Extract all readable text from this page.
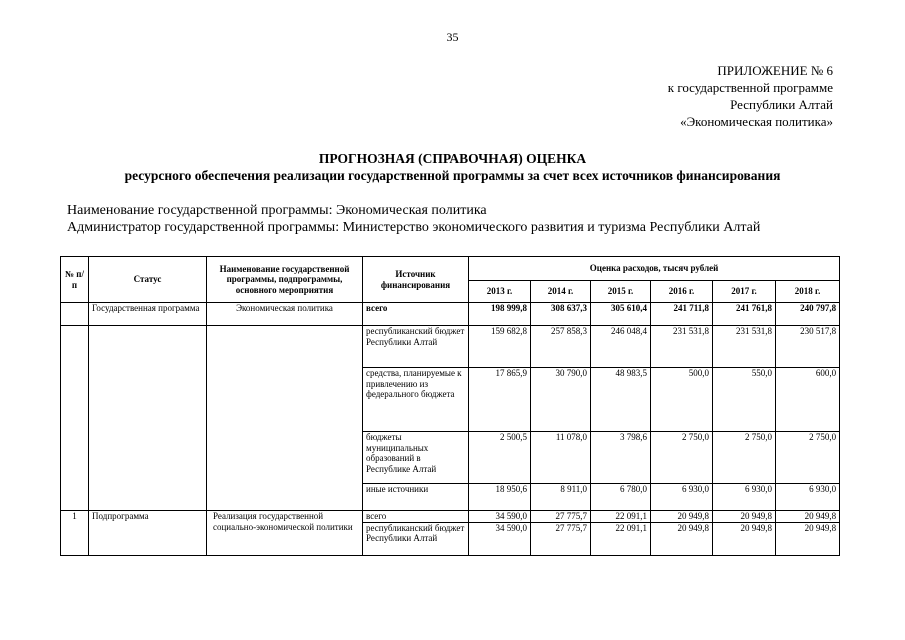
35
ПРИЛОЖЕНИЕ № 6
к государственной программе
Республики Алтай
«Экономическая политика»
ПРОГНОЗНАЯ (СПРАВОЧНАЯ) ОЦЕНКА
ресурсного обеспечения реализации государственной программы за счет всех источников финансирования
Наименование государственной программы: Экономическая политика
Администратор государственной программы: Министерство экономического развития и туризма Республики Алтай
№ п/п	Статус	Наименование государственной программы, подпрограммы, основного мероприятия	Источник финансирования	Оценка расходов, тысяч рублей					
				2013 г.	2014 г.	2015 г.	2016 г.	2017 г.	2018 г.
	Государственная программа	Экономическая политика	всего	198 999,8	308 637,3	305 610,4	241 711,8	241 761,8	240 797,8
			республиканский бюджет Республики Алтай	159 682,8	257 858,3	246 048,4	231 531,8	231 531,8	230 517,8
			средства, планируемые к привлечению из федерального бюджета	17 865,9	30 790,0	48 983,5	500,0	550,0	600,0
			бюджеты муниципальных образований в Республике Алтай	2 500,5	11 078,0	3 798,6	2 750,0	2 750,0	2 750,0
			иные источники	18 950,6	8 911,0	6 780,0	6 930,0	6 930,0	6 930,0
1	Подпрограмма	Реализация государственной социально-экономической политики	всего	34 590,0	27 775,7	22 091,1	20 949,8	20 949,8	20 949,8
			республиканский бюджет Республики Алтай	34 590,0	27 775,7	22 091,1	20 949,8	20 949,8	20 949,8
